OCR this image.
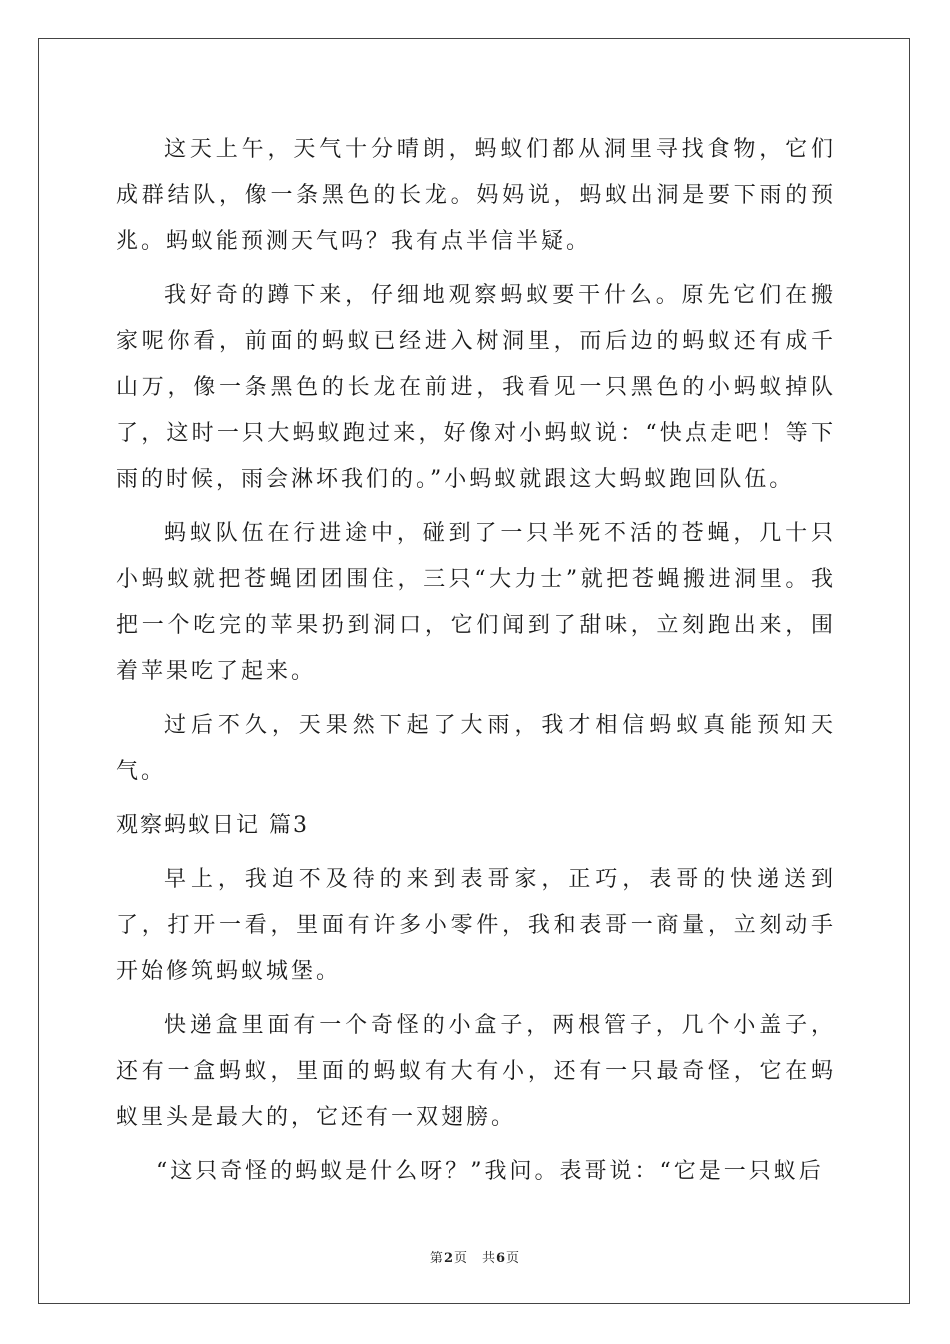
这天上午，天气十分晴朗，蚂蚁们都从洞里寻找食物，它们成群结队，像一条黑色的长龙。妈妈说，蚂蚁出洞是要下雨的预兆。蚂蚁能预测天气吗？我有点半信半疑。

我好奇的蹲下来，仔细地观察蚂蚁要干什么。原先它们在搬家呢你看，前面的蚂蚁已经进入树洞里，而后边的蚂蚁还有成千山万，像一条黑色的长龙在前进，我看见一只黑色的小蚂蚁掉队了，这时一只大蚂蚁跑过来，好像对小蚂蚁说：“快点走吧！等下雨的时候，雨会淋坏我们的。”小蚂蚁就跟这大蚂蚁跑回队伍。

蚂蚁队伍在行进途中，碰到了一只半死不活的苍蝇，几十只小蚂蚁就把苍蝇团团围住，三只“大力士”就把苍蝇搬进洞里。我把一个吃完的苹果扔到洞口，它们闻到了甜味，立刻跑出来，围着苹果吃了起来。

过后不久，天果然下起了大雨，我才相信蚂蚁真能预知天气。

观察蚂蚁日记 篇3

早上，我迫不及待的来到表哥家，正巧，表哥的快递送到了，打开一看，里面有许多小零件，我和表哥一商量，立刻动手开始修筑蚂蚁城堡。

快递盒里面有一个奇怪的小盒子，两根管子，几个小盖子，还有一盒蚂蚁，里面的蚂蚁有大有小，还有一只最奇怪，它在蚂蚁里头是最大的，它还有一双翅膀。

“这只奇怪的蚂蚁是什么呀？”我问。表哥说：“它是一只蚁后

第2页　共6页
